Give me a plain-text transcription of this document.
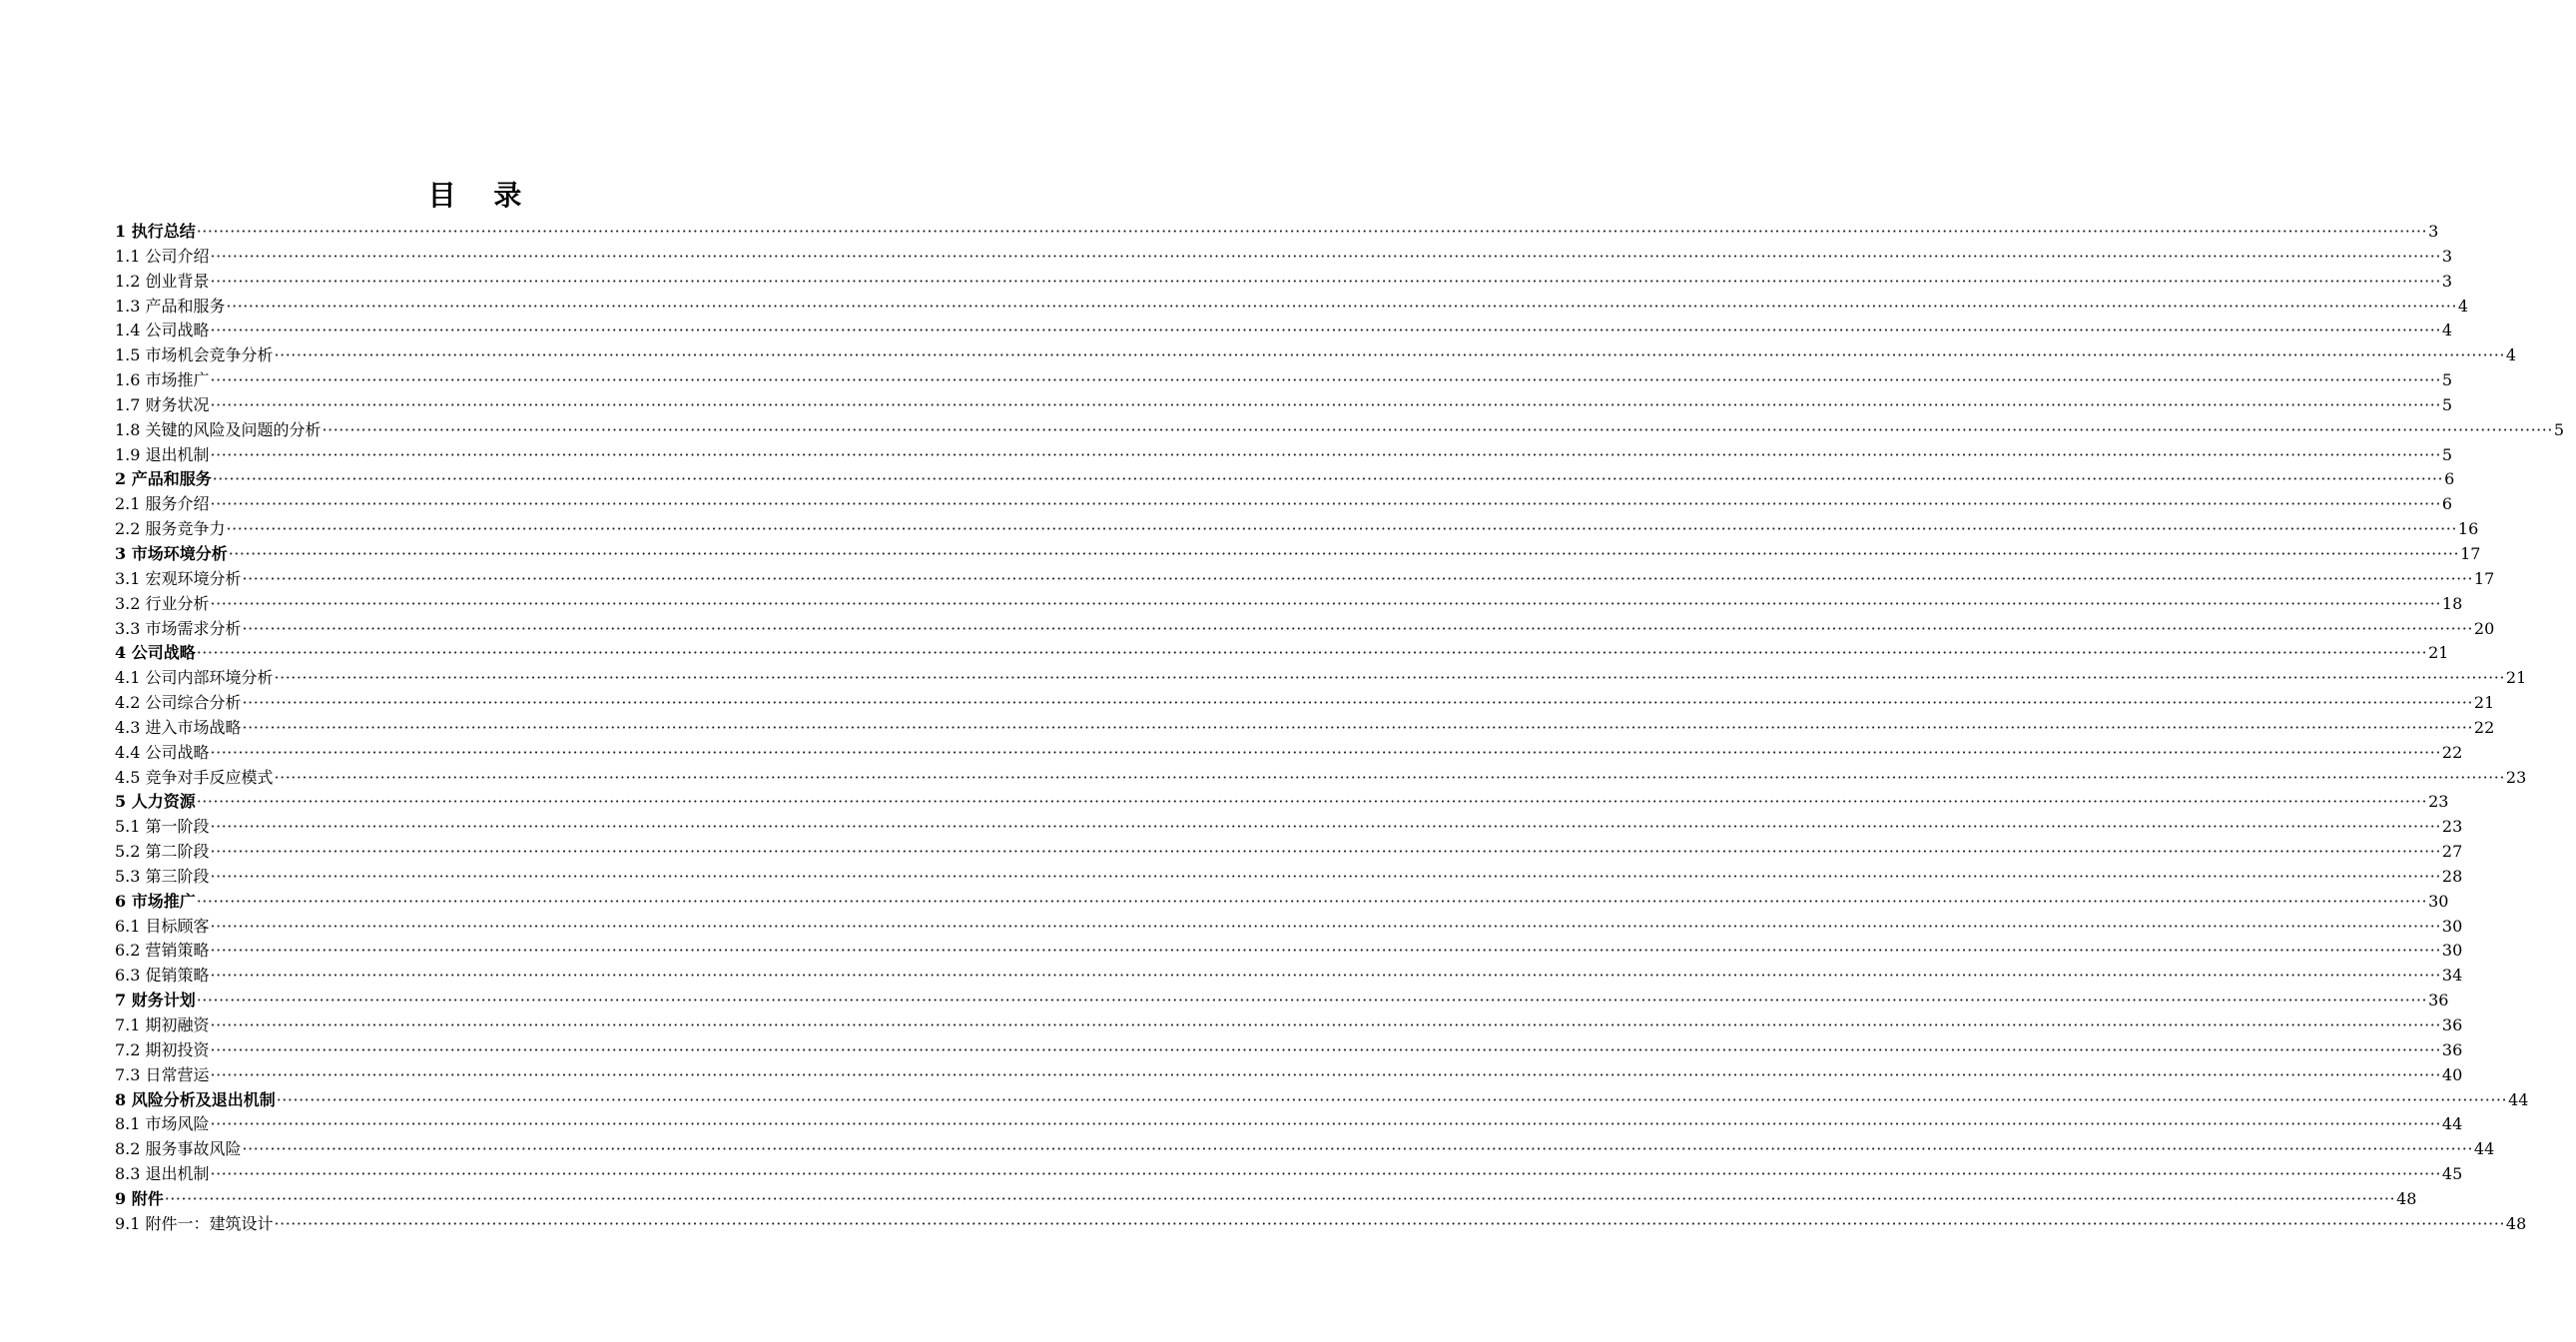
目 录
1 执行总结 ················································································································································································································································································································································································································ 3
1.1 公司介绍 ················································································································································································································································································································································································································ 3
1.2 创业背景 ················································································································································································································································································································································································································ 3
1.3 产品和服务 ················································································································································································································································································································································································································ 4
1.4 公司战略 ················································································································································································································································································································································································································ 4
1.5 市场机会竞争分析 ················································································································································································································································································································································································································ 4
1.6 市场推广 ················································································································································································································································································································································································································ 5
1.7 财务状况 ················································································································································································································································································································································································································ 5
1.8 关键的风险及问题的分析 ················································································································································································································································································································································································································ 5
1.9 退出机制 ················································································································································································································································································································································································································ 5
2 产品和服务 ················································································································································································································································································································································································································ 6
2.1 服务介绍 ················································································································································································································································································································································································································ 6
2.2 服务竞争力 ················································································································································································································································································································································································································ 16
3 市场环境分析 ················································································································································································································································································································································································································ 17
3.1 宏观环境分析 ················································································································································································································································································································································································································ 17
3.2 行业分析 ················································································································································································································································································································································································································ 18
3.3 市场需求分析 ················································································································································································································································································································································································································ 20
4 公司战略 ················································································································································································································································································································································································································ 21
4.1 公司内部环境分析 ················································································································································································································································································································································································································ 21
4.2 公司综合分析 ················································································································································································································································································································································································································ 21
4.3 进入市场战略 ················································································································································································································································································································································································································ 22
4.4 公司战略 ················································································································································································································································································································································································································ 22
4.5 竞争对手反应模式 ················································································································································································································································································································································································································ 23
5 人力资源 ················································································································································································································································································································································································································ 23
5.1 第一阶段 ················································································································································································································································································································································································································ 23
5.2 第二阶段 ················································································································································································································································································································································································································ 27
5.3 第三阶段 ················································································································································································································································································································································································································ 28
6 市场推广 ················································································································································································································································································································································································································ 30
6.1 目标顾客 ················································································································································································································································································································································································································ 30
6.2 营销策略 ················································································································································································································································································································································································································ 30
6.3 促销策略 ················································································································································································································································································································································································································ 34
7 财务计划 ················································································································································································································································································································································································································ 36
7.1 期初融资 ················································································································································································································································································································································································································ 36
7.2 期初投资 ················································································································································································································································································································································································································ 36
7.3 日常营运 ················································································································································································································································································································································································································ 40
8 风险分析及退出机制 ················································································································································································································································································································································································································ 44
8.1 市场风险 ················································································································································································································································································································································································································ 44
8.2 服务事故风险 ················································································································································································································································································································································································································ 44
8.3 退出机制 ················································································································································································································································································································································································································ 45
9 附件 ················································································································································································································································································································································································································ 48
9.1 附件一：建筑设计 ················································································································································································································································································································································································································ 48
